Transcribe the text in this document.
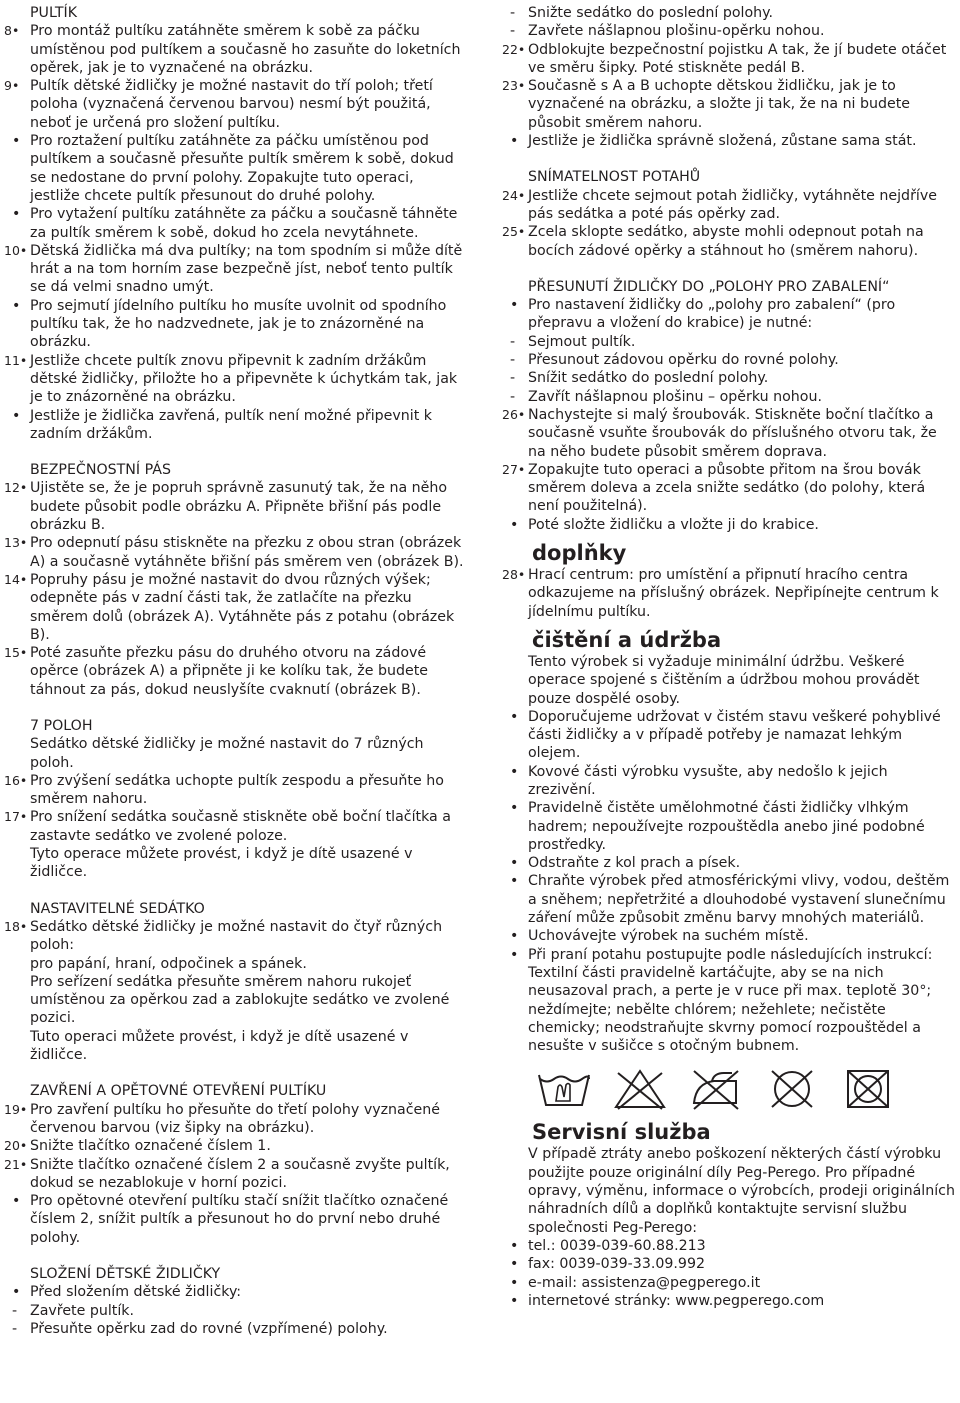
PULTÍK
8• Pro montáž pultíku zatáhněte směrem k sobě za páčku umístěnou pod pultíkem a současně ho zasuňte do loketních opěrek, jak je to vyznačené na obrázku.
9• Pultík dětské židličky je možné nastavit do tří poloh; třetí poloha (vyznačená červenou barvou) nesmí být použitá, neboť je určená pro složení pultíku.
• Pro roztažení pultíku zatáhněte za páčku umístěnou pod pultíkem a současně přesuňte pultík směrem k sobě, dokud se nedostane do první polohy. Zopakujte tuto operaci, jestliže chcete pultík přesunout do druhé polohy.
• Pro vytažení pultíku zatáhněte za páčku a současně táhněte za pultík směrem k sobě, dokud ho zcela nevytáhnete.
10• Dětská židlička má dva pultíky; na tom spodním si může dítě hrát a na tom horním zase bezpečně jíst, neboť tento pultík se dá velmi snadno umýt.
• Pro sejmutí jídelního pultíku ho musíte uvolnit od spodního pultíku tak, že ho nadzvednete, jak je to znázorněné na obrázku.
11• Jestliže chcete pultík znovu připevnit k zadním držákům dětské židličky, přiložte ho a připevněte k úchytkám tak, jak je to znázorněné na obrázku.
• Jestliže je židlička zavřená, pultík není možné připevnit k zadním držákům.
BEZPEČNOSTNÍ PÁS
12• Ujistěte se, že je popruh správně zasunutý tak, že na něho budete působit podle obrázku A. Připněte břišní pás podle obrázku B.
13• Pro odepnutí pásu stiskněte na přezku z obou stran (obrázek A) a současně vytáhněte břišní pás směrem ven (obrázek B).
14• Popruhy pásu je možné nastavit do dvou různých výšek; odepněte pás v zadní části tak, že zatlačíte na přezku směrem dolů (obrázek A). Vytáhněte pás z potahu (obrázek B).
15• Poté zasuňte přezku pásu do druhého otvoru na zádové opěrce (obrázek A) a připněte ji ke kolíku tak, že budete táhnout za pás, dokud neuslyšíte cvaknutí (obrázek B).
7 POLOH
Sedátko dětské židličky je možné nastavit do 7 různých poloh.
16• Pro zvýšení sedátka uchopte pultík zespodu a přesuňte ho směrem nahoru.
17• Pro snížení sedátka současně stiskněte obě boční tlačítka a zastavte sedátko ve zvolené poloze.
Tyto operace můžete provést, i když je dítě usazené v židličce.
NASTAVITELNÉ SEDÁTKO
18• Sedátko dětské židličky je možné nastavit do čtyř různých poloh:
pro papání, hraní, odpočinek a spánek.
Pro seřízení sedátka přesuňte směrem nahoru rukojeť umístěnou za opěrkou zad a zablokujte sedátko ve zvolené pozici.
Tuto operaci můžete provést, i když je dítě usazené v židličce.
ZAVŘENÍ A OPĚTOVNÉ OTEVŘENÍ PULTÍKU
19• Pro zavření pultíku ho přesuňte do třetí polohy vyznačené červenou barvou (viz šipky na obrázku).
20• Snižte tlačítko označené číslem 1.
21• Snižte tlačítko označené číslem 2 a současně zvyšte pultík, dokud se nezablokuje v horní pozici.
• Pro opětovné otevření pultíku stačí snížit tlačítko označené číslem 2, snížit pultík a přesunout ho do první nebo druhé polohy.
SLOŽENÍ DĚTSKÉ ŽIDLIČKY
• Před složením dětské židličky:
- Zavřete pultík.
- Přesuňte opěrku zad do rovné (vzpřímené) polohy.
- Snižte sedátko do poslední polohy.
- Zavřete nášlapnou plošinu-opěrku nohou.
22• Odblokujte bezpečnostní pojistku A tak, že jí budete otáčet ve směru šipky. Poté stiskněte pedál B.
23• Současně s A a B uchopte dětskou židličku, jak je to vyznačené na obrázku, a složte ji tak, že na ni budete působit směrem nahoru.
• Jestliže je židlička správně složená, zůstane sama stát.
SNÍMATELNOST POTAHŮ
24• Jestliže chcete sejmout potah židličky, vytáhněte nejdříve pás sedátka a poté pás opěrky zad.
25• Zcela sklopte sedátko, abyste mohli odepnout potah na bocích zádové opěrky a stáhnout ho (směrem nahoru).
PŘESUNUTÍ ŽIDLIČKY DO „POLOHY PRO ZABALENÍ“
• Pro nastavení židličky do „polohy pro zabalení“ (pro přepravu a vložení do krabice) je nutné:
- Sejmout pultík.
- Přesunout zádovou opěrku do rovné polohy.
- Snížit sedátko do poslední polohy.
- Zavřít nášlapnou plošinu – opěrku nohou.
26• Nachystejte si malý šroubovák. Stiskněte boční tlačítko a současně vsuňte šroubovák do příslušného otvoru tak, že na něho budete působit směrem doprava.
27• Zopakujte tuto operaci a působte přitom na šrou bovák směrem doleva a zcela snižte sedátko (do polohy, která není použitelná).
• Poté složte židličku a vložte ji do krabice.
doplňky
28• Hrací centrum: pro umístění a připnutí hracího centra odkazujeme na příslušný obrázek. Nepřipínejte centrum k jídelnímu pultíku.
čištění a údržba
Tento výrobek si vyžaduje minimální údržbu. Veškeré operace spojené s čištěním a údržbou mohou provádět pouze dospělé osoby.
• Doporučujeme udržovat v čistém stavu veškeré pohyblivé části židličky a v případě potřeby je namazat lehkým olejem.
• Kovové části výrobku vysušte, aby nedošlo k jejich zrezivění.
• Pravidelně čistěte umělohmotné části židličky vlhkým hadrem; nepoužívejte rozpouštědla anebo jiné podobné prostředky.
• Odstraňte z kol prach a písek.
• Chraňte výrobek před atmosférickými vlivy, vodou, deštěm a sněhem; nepřetržité a dlouhodobé vystavení slunečnímu záření může způsobit změnu barvy mnohých materiálů.
• Uchovávejte výrobek na suchém místě.
• Při praní potahu postupujte podle následujících instrukcí: Textilní části pravidelně kartáčujte, aby se na nich neusazoval prach, a perte je v ruce při max. teplotě 30°; neždímejte; nebělte chlórem; nežehlete; nečistěte chemicky; neodstraňujte skvrny pomocí rozpouštědel a nesušte v sušičce s otočným bubnem.
Servisní služba
V případě ztráty anebo poškození některých částí výrobku použijte pouze originální díly Peg-Perego. Pro případné opravy, výměnu, informace o výrobcích, prodeji originálních náhradních dílů a doplňků kontaktujte servisní službu společnosti Peg-Perego:
• tel.: 0039-039-60.88.213
• fax: 0039-039-33.09.992
• e-mail: assistenza@pegperego.it
• internetové stránky: www.pegperego.com
